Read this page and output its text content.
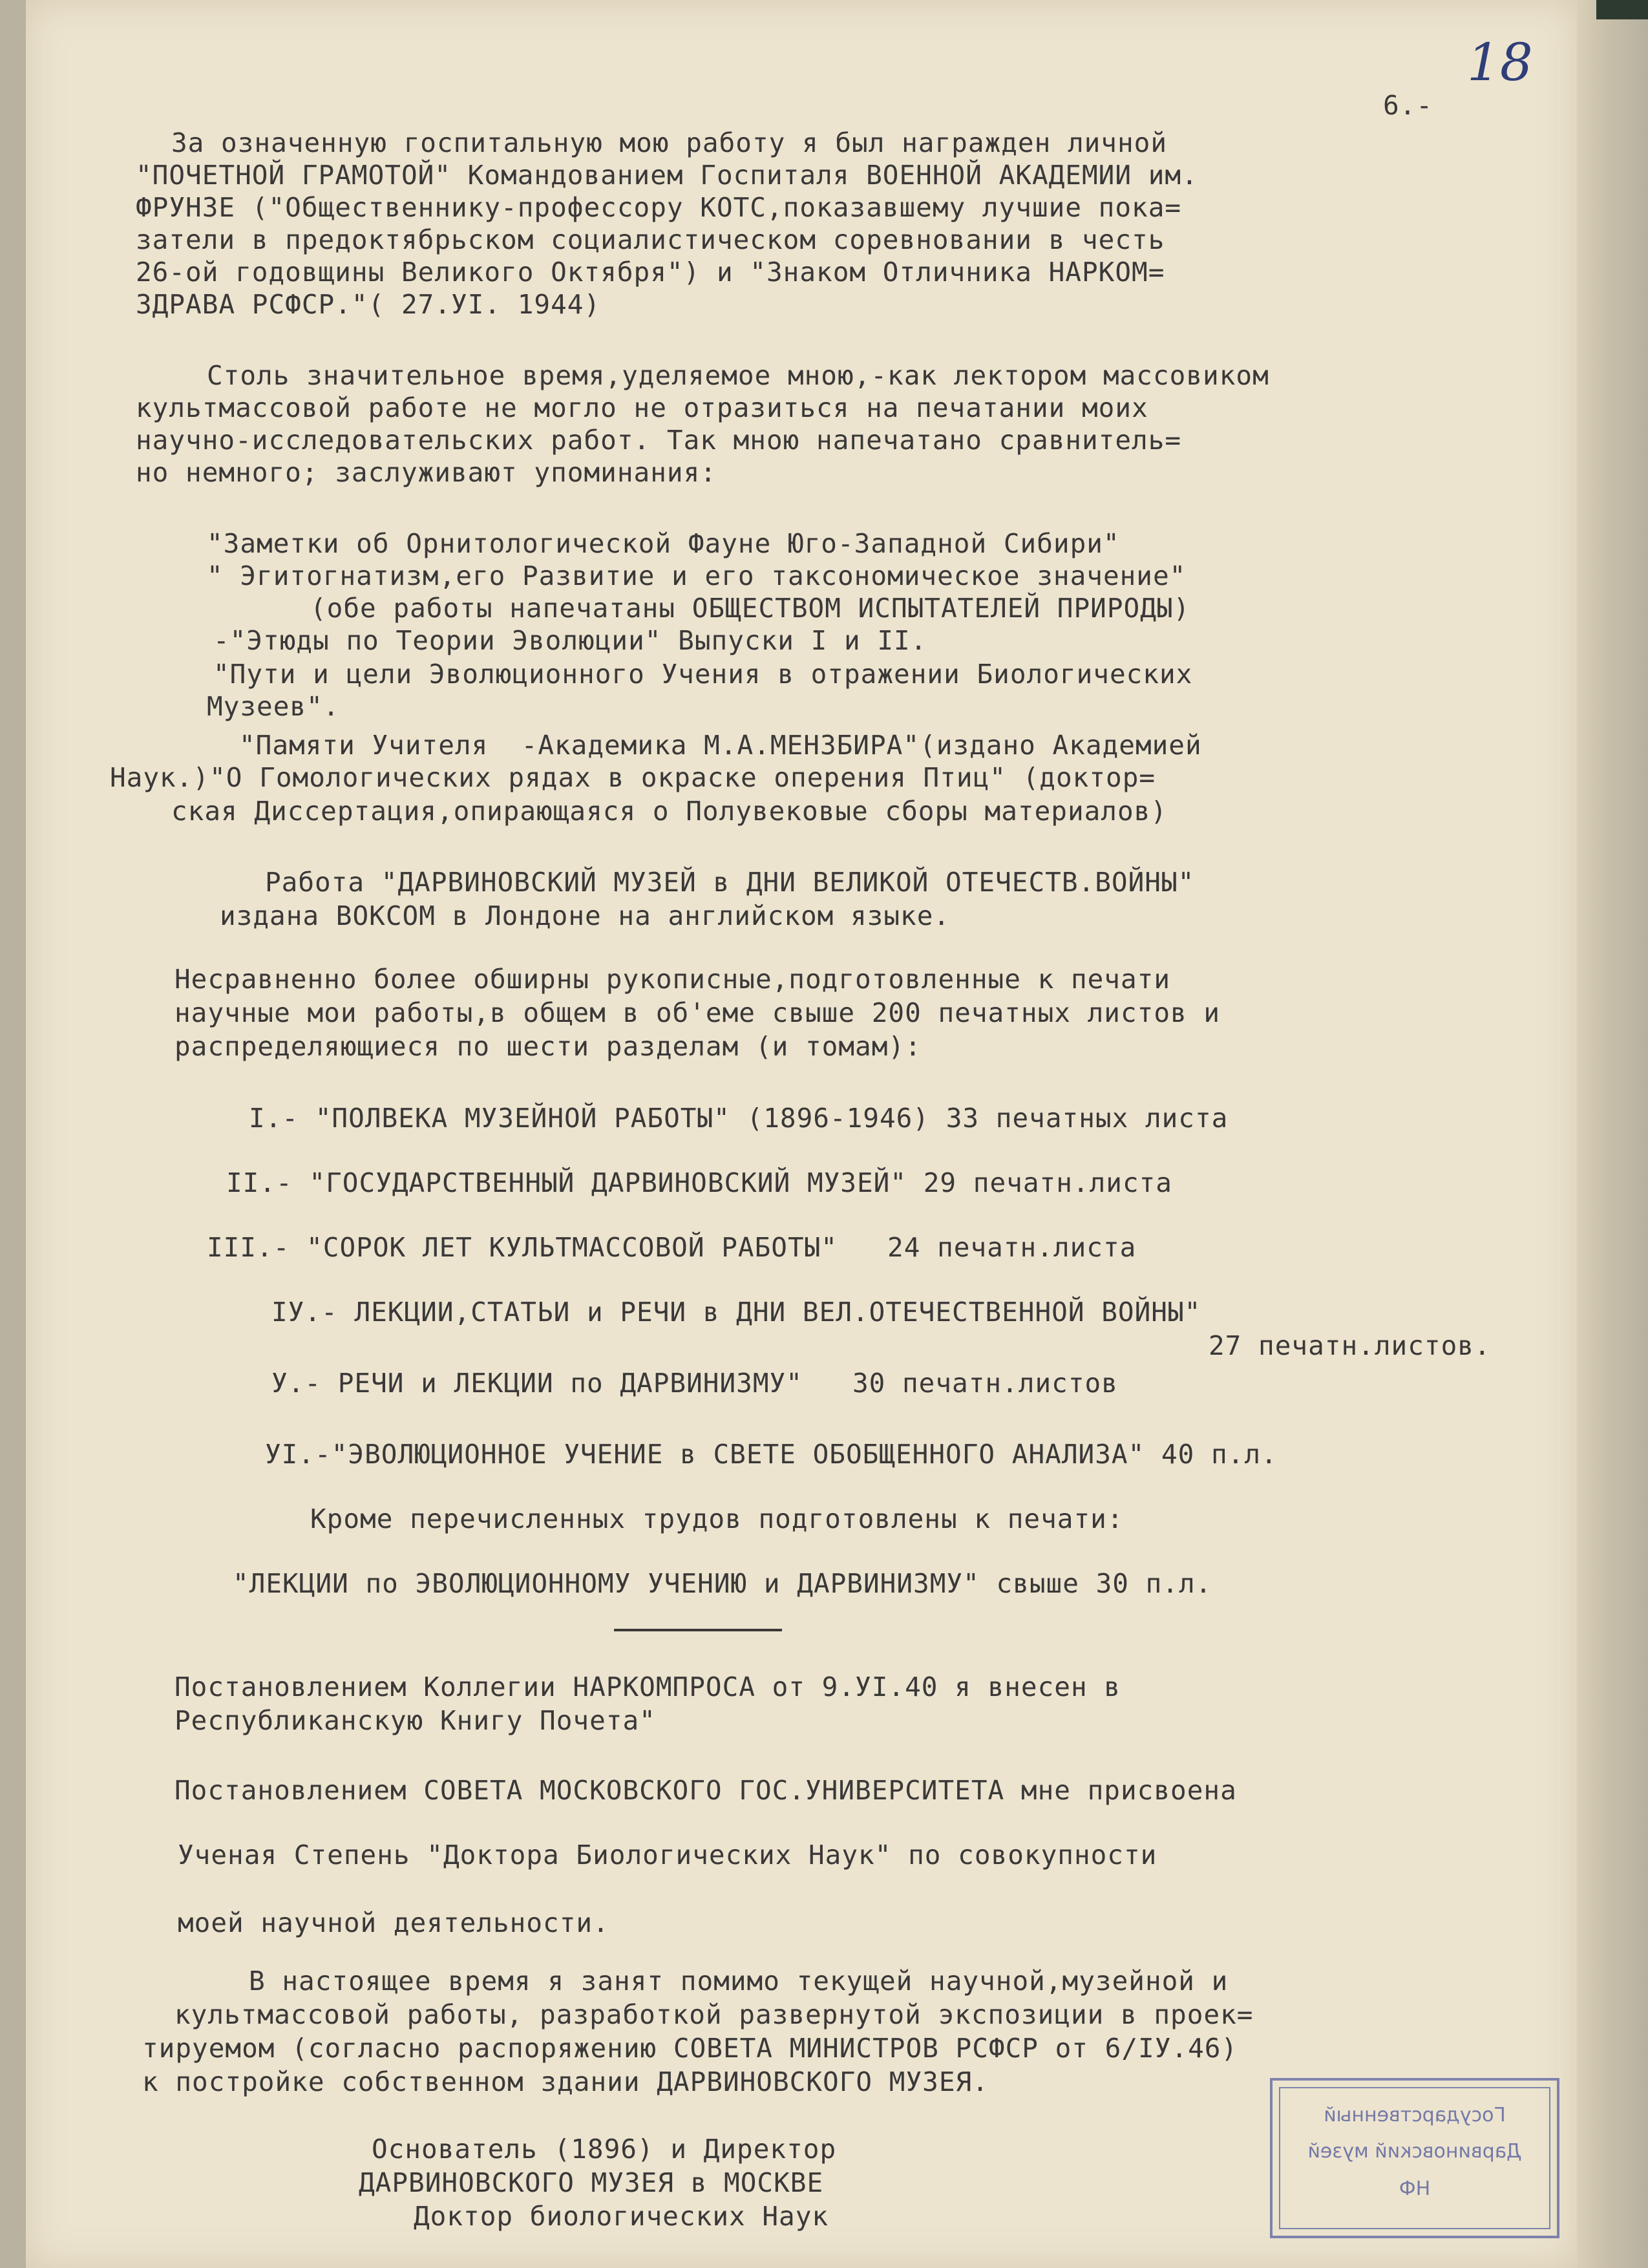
18
6.-
За означенную госпитальную мою работу я был награжден личной
"ПОЧЕТНОЙ ГРАМОТОЙ" Командованием Госпиталя ВОЕННОЙ АКАДЕМИИ им.
ФРУНЗЕ ("Общественнику-профессору КОТС,показавшему лучшие пока=
затели в предоктябрьском социалистическом соревновании в честь
26-ой годовщины Великого Октября") и "Знаком Отличника НАРКОМ=
ЗДРАВА РСФСР."( 27.УI. 1944)
Столь значительное время,уделяемое мною,-как лектором массовиком
культмассовой работе не могло не отразиться на печатании моих
научно-исследовательских работ. Так мною напечатано сравнитель=
но немного; заслуживают упоминания:
"Заметки об Орнитологической Фауне Юго-Западной Сибири"
" Эгитогнатизм,его Развитие и его таксономическое значение"
(обе работы напечатаны ОБЩЕСТВОМ ИСПЫТАТЕЛЕЙ ПРИРОДЫ)
-"Этюды по Теории Эволюции" Выпуски I и II.
"Пути и цели Эволюционного Учения в отражении Биологических
Музеев".
"Памяти Учителя  -Академика М.А.МЕНЗБИРА"(издано Академией
Наук.)"О Гомологических рядах в окраске оперения Птиц" (доктор=
ская Диссертация,опирающаяся о Полувековые сборы материалов)
Работа "ДАРВИНОВСКИЙ МУЗЕЙ в ДНИ ВЕЛИКОЙ ОТЕЧЕСТВ.ВОЙНЫ"
издана ВОКСОМ в Лондоне на английском языке.
Несравненно более обширны рукописные,подготовленные к печати
научные мои работы,в общем в об'еме свыше 200 печатных листов и
распределяющиеся по шести разделам (и томам):
I.- "ПОЛВЕКА МУЗЕЙНОЙ РАБОТЫ" (1896-1946) 33 печатных листа
II.- "ГОСУДАРСТВЕННЫЙ ДАРВИНОВСКИЙ МУЗЕЙ" 29 печатн.листа
III.- "СОРОК ЛЕТ КУЛЬТМАССОВОЙ РАБОТЫ"   24 печатн.листа
IУ.- ЛЕКЦИИ,СТАТЬИ и РЕЧИ в ДНИ ВЕЛ.ОТЕЧЕСТВЕННОЙ ВОЙНЫ"
27 печатн.листов.
У.- РЕЧИ и ЛЕКЦИИ по ДАРВИНИЗМУ"   30 печатн.листов
УI.-"ЭВОЛЮЦИОННОЕ УЧЕНИЕ в СВЕТЕ ОБОБЩЕННОГО АНАЛИЗА" 40 п.л.
Кроме перечисленных трудов подготовлены к печати:
"ЛЕКЦИИ по ЭВОЛЮЦИОННОМУ УЧЕНИЮ и ДАРВИНИЗМУ" свыше 30 п.л.
Постановлением Коллегии НАРКОМПРОСА от 9.УI.40 я внесен в
Республиканскую Книгу Почета"
Постановлением СОВЕТА МОСКОВСКОГО ГОС.УНИВЕРСИТЕТА мне присвоена
Ученая Степень "Доктора Биологических Наук" по совокупности
моей научной деятельности.
В настоящее время я занят помимо текущей научной,музейной и
культмассовой работы, разработкой развернутой экспозиции в проек=
тируемом (согласно распоряжению СОВЕТА МИНИСТРОВ РСФСР от 6/IУ.46)
к постройке собственном здании ДАРВИНОВСКОГО МУЗЕЯ.
Основатель (1896) и Директор
ДАРВИНОВСКОГО МУЗЕЯ в МОСКВЕ
Доктор биологических Наук
Государственный
Дарвиновский музей
НФ
